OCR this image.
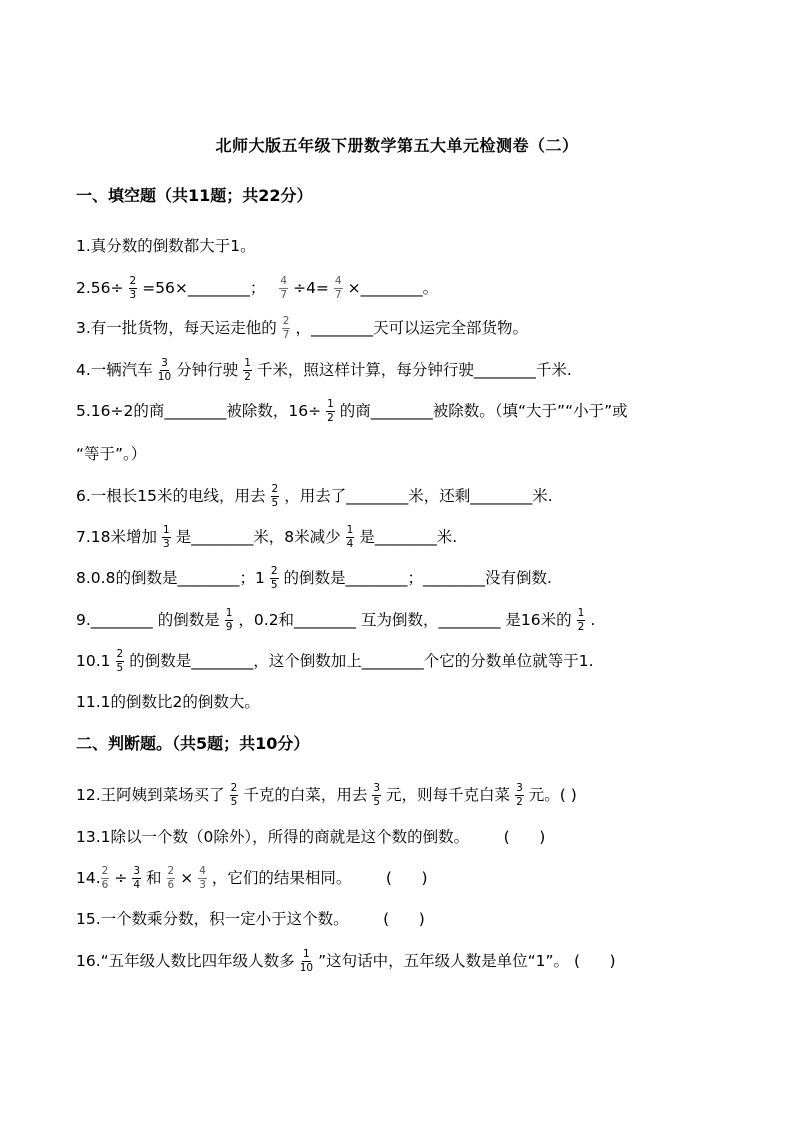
北师大版五年级下册数学第五大单元检测卷（二）
一、填空题（共11题；共22分）
1.真分数的倒数都大于1。
$2.56\div \frac{2}{3}$ =56×________； $\frac{4}{7} \div 4= \frac{4}{7}$ ×________。
3.有一批货物，每天运走他的 $\frac{2}{7}$ ，________天可以运完全部货物。
4.一辆汽车 $\frac{3}{10}$ 分钟行驶 $\frac{1}{2}$ 千米，照这样计算，每分钟行驶________千米.
5.16÷2的商________被除数，$16\div \frac{1}{2}$ 的商________被除数。（填“大于”“小于”或
“等于”。）
6.一根长15米的电线，用去 $\frac{2}{5}$ ，用去了________米，还剩________米.
7.18米增加 $\frac{1}{3}$ 是________米，8米减少 $\frac{1}{4}$ 是________米.
8.0.8的倒数是________；$1 \frac{2}{5}$ 的倒数是________；________没有倒数.
9.________ 的倒数是 $\frac{1}{9}$ ，0.2和________ 互为倒数，________ 是16米的 $\frac{1}{2}$ .
$10.1 \frac{2}{5}$ 的倒数是________，这个倒数加上________个它的分数单位就等于1.
11.1的倒数比2的倒数大。
二、判断题。（共5题；共10分）
12.王阿姨到菜场买了 $\frac{2}{5}$ 千克的白菜，用去 $\frac{3}{5}$ 元，则每千克白菜 $\frac{3}{2}$ 元。( )
13.1除以一个数（0除外），所得的商就是这个数的倒数。       (      )
14. $\frac{2}{6} \div \frac{3}{4}$ 和 $\frac{2}{6} \times \frac{4}{3}$ ，它们的结果相同。       (      )
15.一个数乘分数，积一定小于这个数。       (      )
16.“五年级人数比四年级人数多 $\frac{1}{10}$ ”这句话中，五年级人数是单位“1”。 (      )
